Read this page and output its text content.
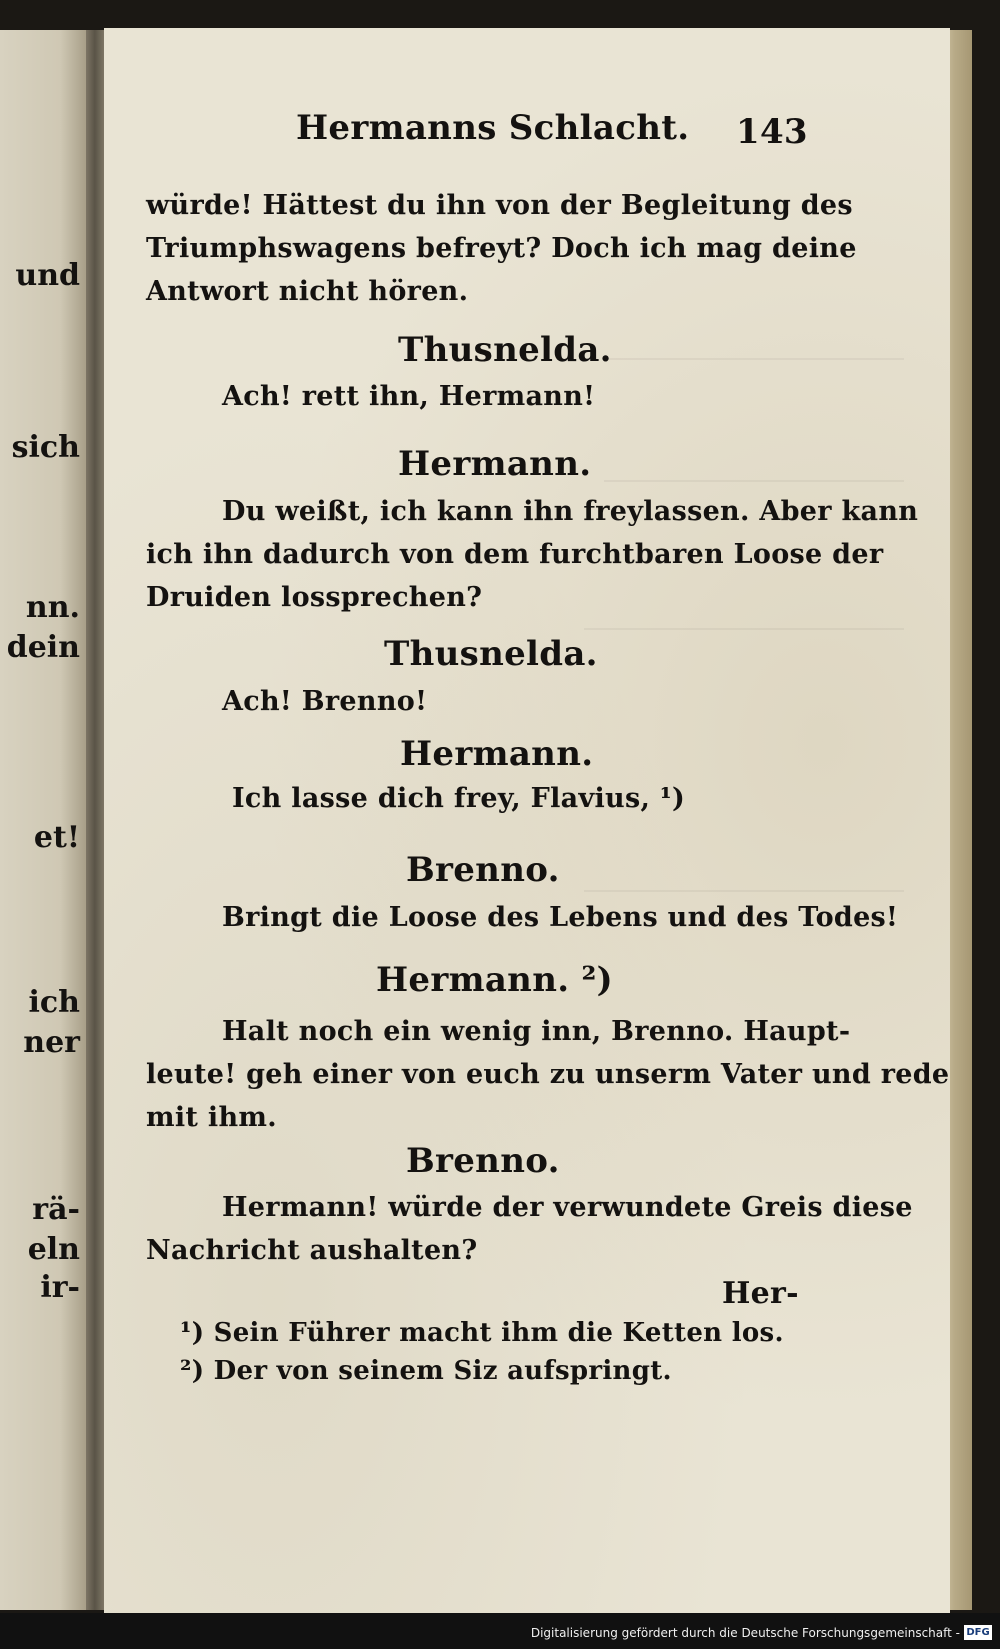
und
sich
nn.
dein
et!
ich
ner
rä-
eln
ir-
Hermanns Schlacht. 143
würde! Hättest du ihn von der Begleitung des
Triumphswagens befreyt? Doch ich mag deine
Antwort nicht hören.
Thusnelda.
Ach! rett ihn, Hermann!
Hermann.
Du weißt, ich kann ihn freylassen. Aber kann
ich ihn dadurch von dem furchtbaren Loose der
Druiden lossprechen?
Thusnelda.
Ach! Brenno!
Hermann.
Ich lasse dich frey, Flavius, ¹)
Brenno.
Bringt die Loose des Lebens und des Todes!
Hermann. ²)
Halt noch ein wenig inn, Brenno. Haupt-
leute! geh einer von euch zu unserm Vater und rede
mit ihm.
Brenno.
Hermann! würde der verwundete Greis diese
Nachricht aushalten?
Her-
¹) Sein Führer macht ihm die Ketten los.
²) Der von seinem Siz aufspringt.
Digitalisierung gefördert durch die Deutsche Forschungsgemeinschaft - DFG
